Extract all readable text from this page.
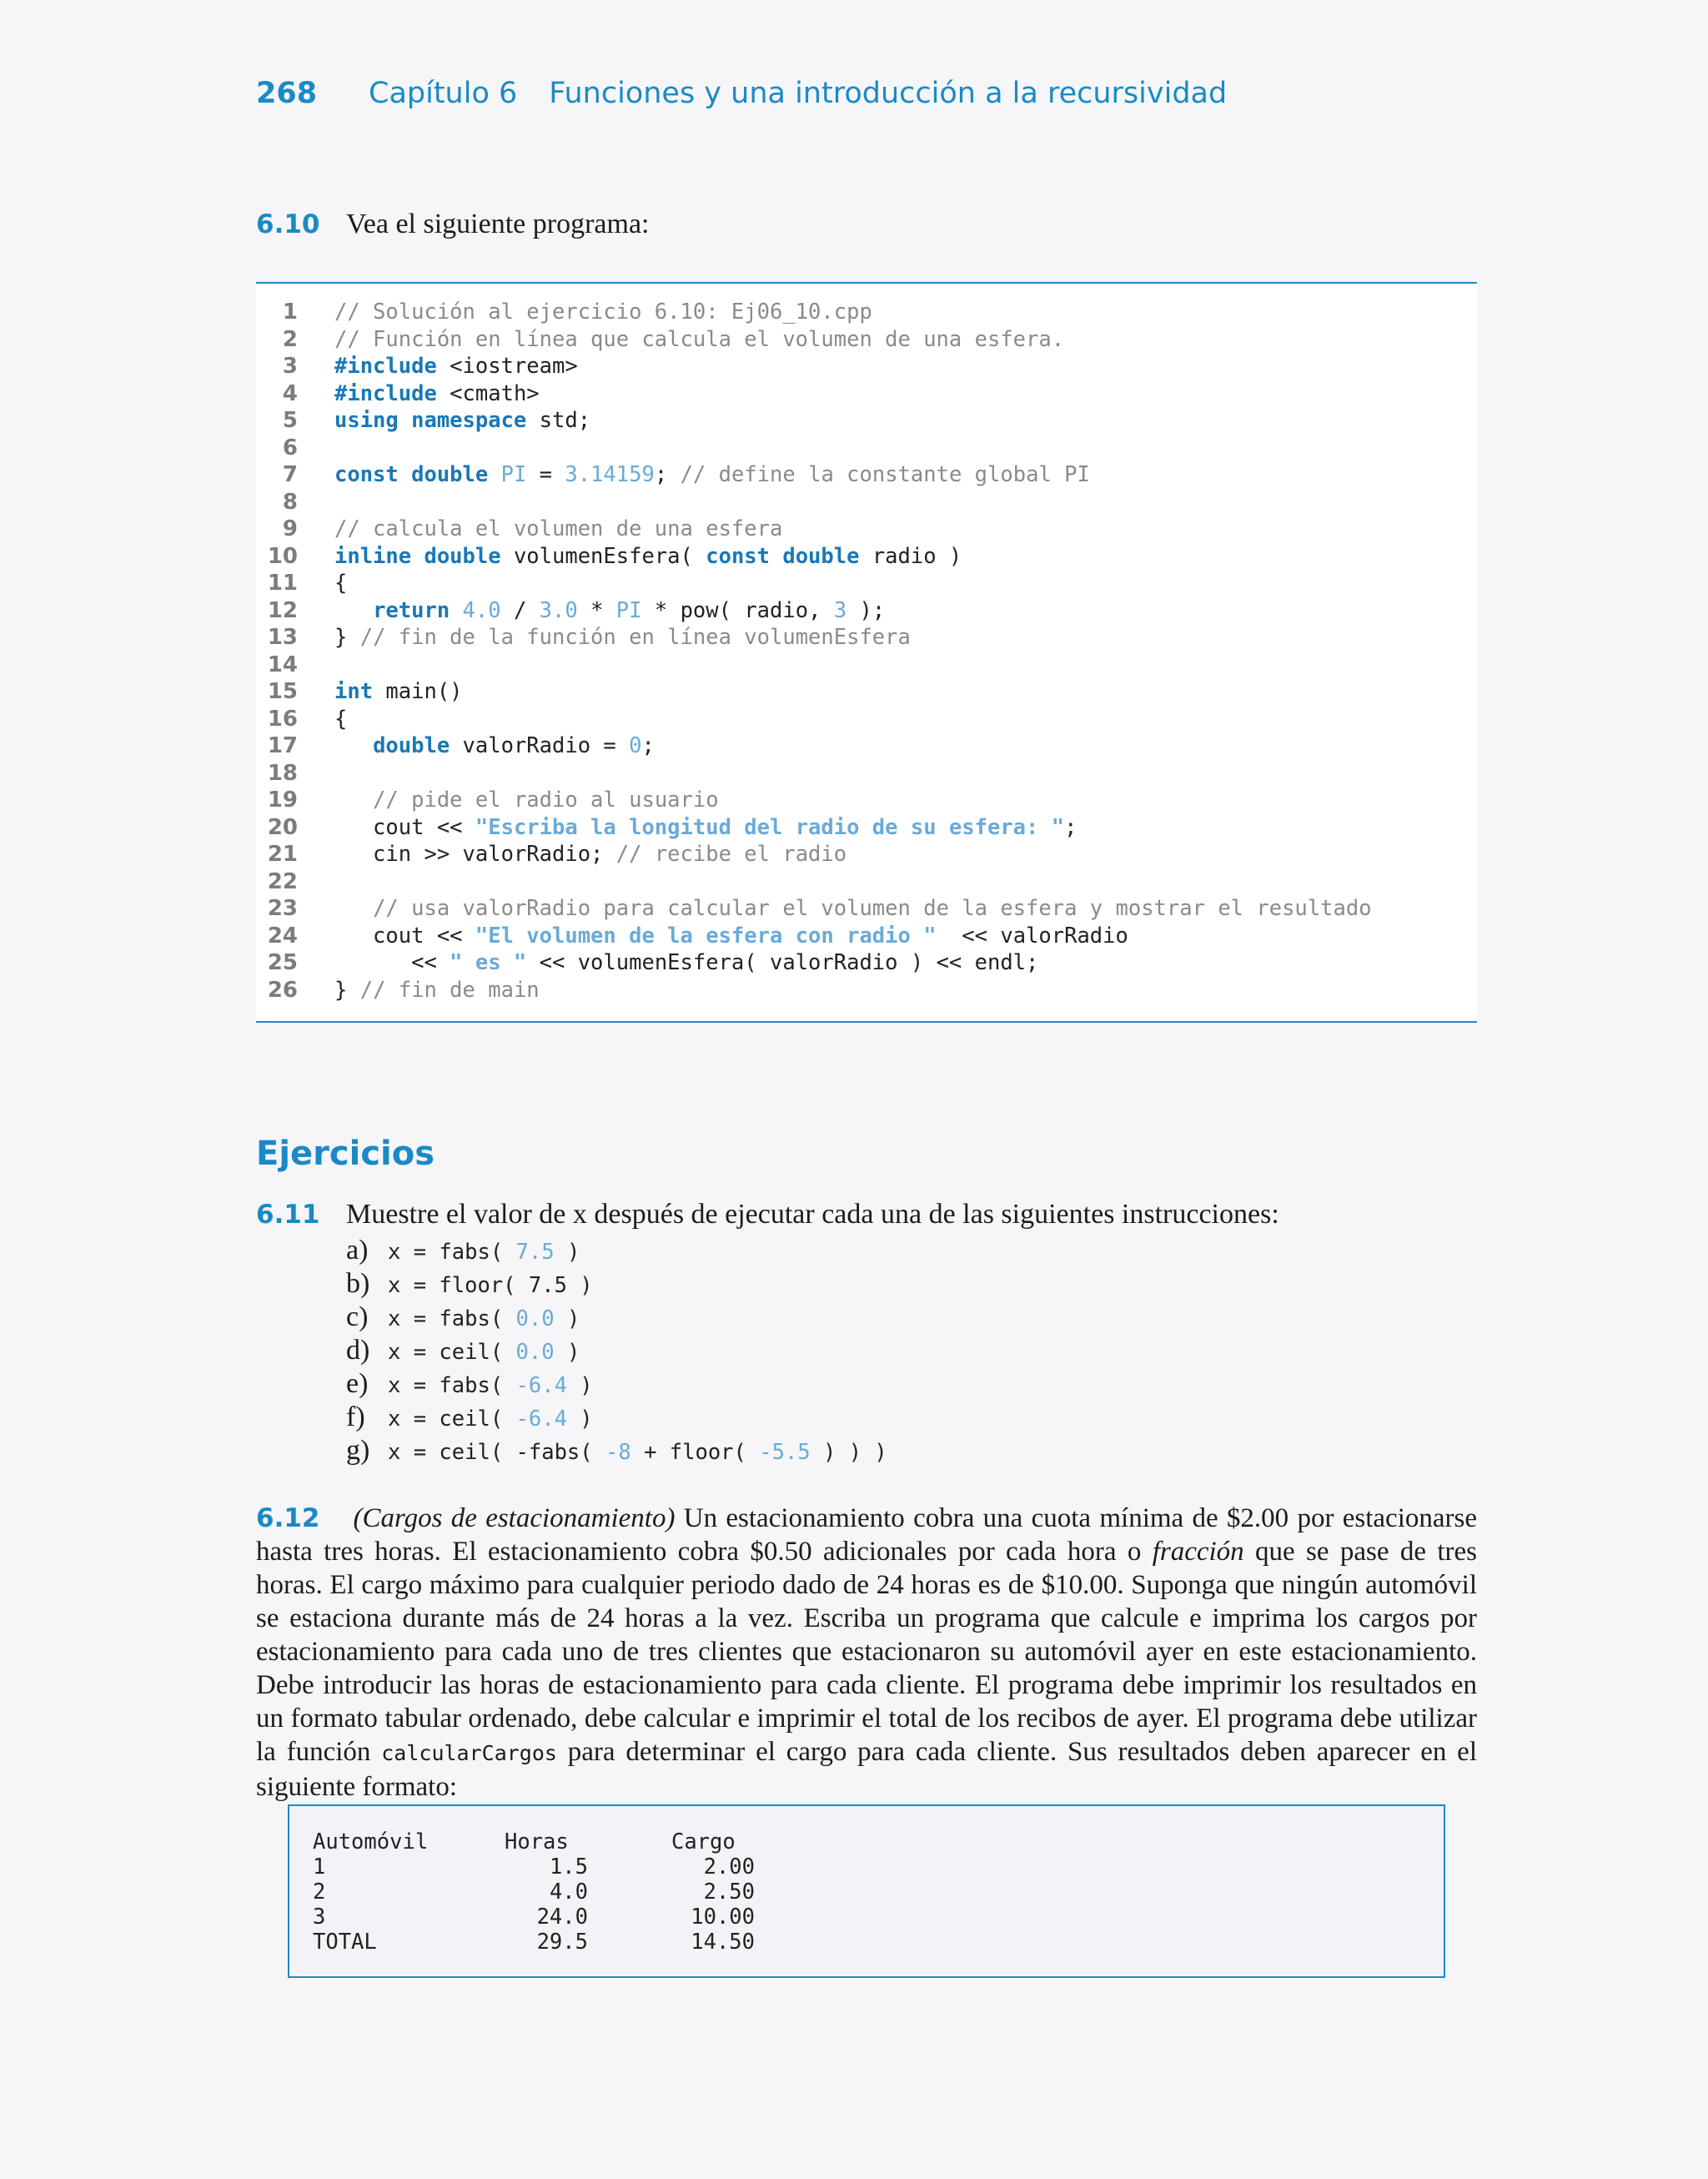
268	Capítulo 6 Funciones y una introducción a la recursividad
6.10 Vea el siguiente programa:
1 // Solución al ejercicio 6.10: Ej06_10.cpp
2 // Función en línea que calcula el volumen de una esfera.
3 #include <iostream>
4 #include <cmath>
5 using namespace std;
6
7 const double PI = 3.14159; // define la constante global PI
8
9 // calcula el volumen de una esfera
10 inline double volumenEsfera( const double radio )
11 {
12	return 4.0 / 3.0 * PI * pow( radio, 3 );
13 } // fin de la función en línea volumenEsfera
14
15 int main()
16 {
17	double valorRadio = 0;
18
19	// pide el radio al usuario
20 cout << "Escriba la longitud del radio de su esfera: ";
21 cin >> valorRadio; // recibe el radio
22
23	// usa valorRadio para calcular el volumen de la esfera y mostrar el resultado
24 cout << "El volumen de la esfera con radio "  << valorRadio
25 << " es " << volumenEsfera( valorRadio ) << endl;
26 } // fin de main
Ejercicios
6.11 Muestre el valor de x después de ejecutar cada una de las siguientes instrucciones:
a) x = fabs( 7.5 )
b) x = floor( 7.5 )
c) x = fabs( 0.0 )
d) x = ceil( 0.0 )
e) x = fabs( -6.4 )
f)	x = ceil( -6.4 )
g) x = ceil( -fabs( -8 + floor( -5.5 ) ) )
6.12 (Cargos de estacionamiento) Un estacionamiento cobra una cuota mínima de $2.00 por estacionarse hasta tres horas. El estacionamiento cobra $0.50 adicionales por cada hora o fracción que se pase de tres horas. El cargo máximo para cualquier periodo dado de 24 horas es de $10.00. Suponga que ningún automóvil se estaciona durante más de 24 horas a la vez. Escriba un programa que calcule e imprima los cargos por estacionamiento para cada uno de tres clientes que estacionaron su automóvil ayer en este estacionamiento. Debe introducir las horas de estacionamiento para cada cliente. El programa debe imprimir los resultados en un formato tabular ordenado, debe calcular e imprimir el total de los recibos de ayer. El programa debe utilizar la función calcularCargos para determinar el cargo para cada cliente. Sus resultados deben aparecer en el siguiente formato:
Automóvil	Horas	Cargo
1	1.5	2.00
2	4.0	2.50
3	24.0	10.00
TOTAL	29.5	14.50
